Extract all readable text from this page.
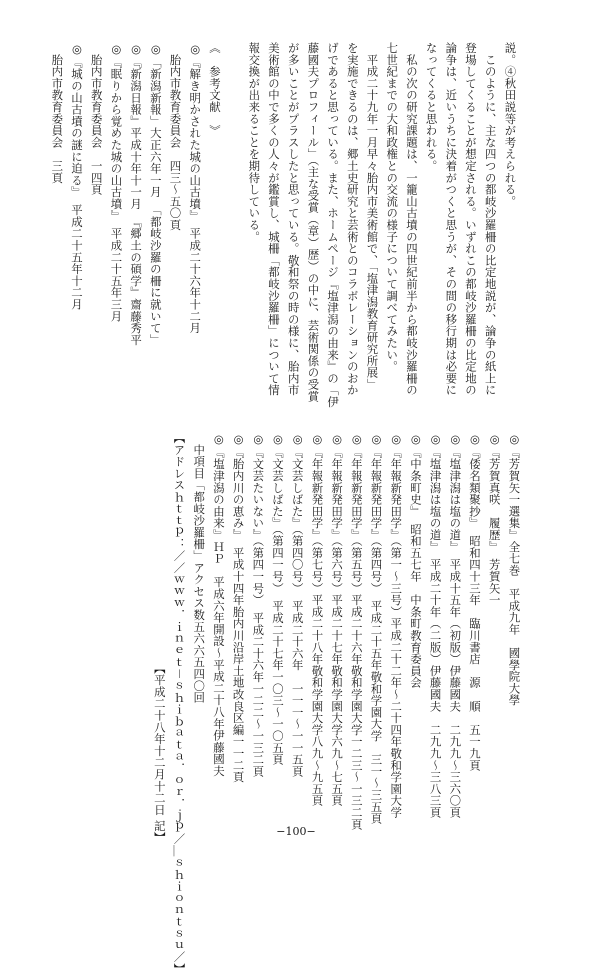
説。④秋田説等が考えられる。
　このように、主な四つの都岐沙羅柵の比定地説が、論争の紙上に
登場してくることが想定される。いずれこの都岐沙羅柵の比定地の
論争は、近いうちに決着がつくと思うが、その間の移行期は必要に
なってくると思われる。
　私の次の研究課題は、一籠山古墳の四世紀前半から都岐沙羅柵の
七世紀までの大和政権との交流の様子について調べてみたい。
　平成二十九年一月早々胎内市美術館で、「塩津潟教育研究所展」
を実施できるのは、郷土史研究と芸術とのコラボレーションのおか
げであると思っている。また、ホームページ『塩津潟の由来』の「伊
藤國夫プロフィール」（主な受賞（章）歴）の中に、芸術関係の受賞
が多いことがプラスしたと思っている。敬和祭の時の様に、胎内市
美術館の中で多くの人々が鑑賞し、城柵「都岐沙羅柵」について情
報交換が出来ることを期待している。
《　参考文献　》
◎『解き明かされた城の山古墳』　平成二十六年十二月
　胎内市教育委員会　四三～五〇頁
◎「新潟新報」大正六年一月　「都岐沙羅の柵に就いて」
◎『新潟日報』平成十年十一月　『郷土の碩学』齋藤秀平
◎『眠りから覚めた城の山古墳』　平成二十五年三月
　胎内市教育委員会　一四頁
◎『城の山古墳の謎に迫る』　平成二十五年十二月
　胎内市教育委員会　三頁
◎『芳賀矢一選集』全七巻　平成九年　國學院大學
◎『芳賀真咲　履歴』　芳賀矢一
◎『倭名類聚抄』　昭和四十三年　臨川書店　源　順　五一九頁
◎『塩津潟は塩の道』　平成十五年（初版）伊藤國夫　二九九～三六〇頁
◎『塩津潟は塩の道』　平成二十年（二版）伊藤國夫　二九九～三八三頁
◎『中条町史』　昭和五七年　中条町教育委員会
◎『年報新発田学』（第一～三号）平成二十二年～二十四年敬和学園大学
◎『年報新発田学』（第四号）　平成二十五年敬和学園大学　三一～三五頁
◎『年報新発田学』（第五号）平成二十六年敬和学園大学一二三～一三二頁
◎『年報新発田学』（第六号）平成二十七年敬和学園大学六九～七五頁
◎『年報新発田学』（第七号）平成二十八年敬和学園大学八九～九五頁
◎『文芸しばた』（第四〇号）　平成二十六年　一一一～一一五頁
◎『文芸しばた』（第四一号）　平成二十七年一〇三～一〇五頁
◎『文芸たいない』（第四一号）　平成二十六年一二二～一三二頁
◎『胎内川の恵み』　平成十四年胎内川沿岸土地改良区編一一二頁
◎『塩津潟の由来』ＨＰ　平成六年開設～平成二十八年伊藤國夫
　中項目「都岐沙羅柵」アクセス数五六六五四〇回
【アドレスｈｔｔｐ：／／ｗｗｗ．ｉｎｅｔ－ｓｈｉｂａｔａ．ｏｒ．ｊｐ／＿ｓｈｉｏｎｔｓｕ／】
　　　　　　　　　　　　　　　　　　　　【平成二十八年十二月十二日 記】	−100−
